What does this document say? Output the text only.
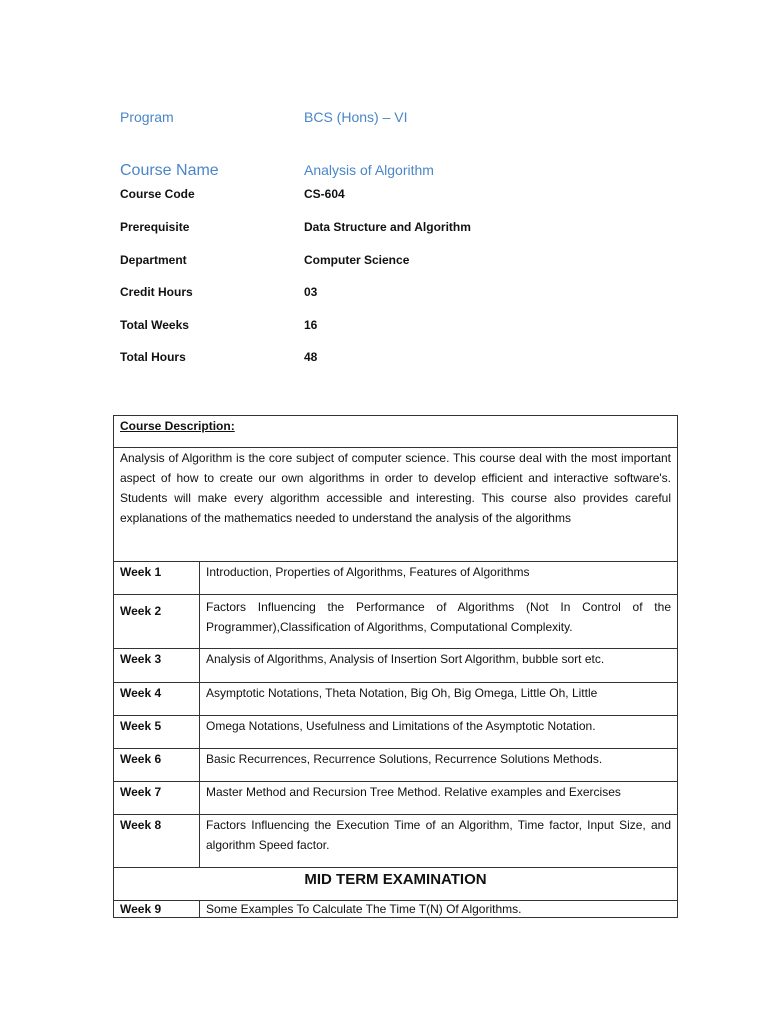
Program	BCS (Hons) – VI
Course Name	Analysis of Algorithm
Course Code	CS-604
Prerequisite	Data Structure and Algorithm
Department	Computer Science
Credit Hours	03
Total Weeks	16
Total Hours	48
Course Description:	
Analysis of Algorithm is the core subject of computer science. This course deal with the most important aspect of how to create our own algorithms in order to develop efficient and interactive software's. Students will make every algorithm accessible and interesting. This course also provides careful explanations of the mathematics needed to understand the analysis of the algorithms	
Week 1	Introduction, Properties of Algorithms, Features of Algorithms
Week 2	Factors Influencing the Performance of Algorithms (Not In Control of the Programmer),Classification of Algorithms, Computational Complexity.
Week 3	Analysis of Algorithms, Analysis of Insertion Sort Algorithm, bubble sort etc.
Week 4	Asymptotic Notations, Theta Notation, Big Oh, Big Omega, Little Oh, Little
Week 5	Omega Notations, Usefulness and Limitations of the Asymptotic Notation.
Week 6	Basic Recurrences, Recurrence Solutions, Recurrence Solutions Methods.
Week 7	Master Method and Recursion Tree Method. Relative examples and Exercises
Week 8	Factors Influencing the Execution Time of an Algorithm, Time factor, Input Size, and algorithm Speed factor.
MID TERM EXAMINATION	
Week 9	Some Examples To Calculate The Time T(N) Of Algorithms.
